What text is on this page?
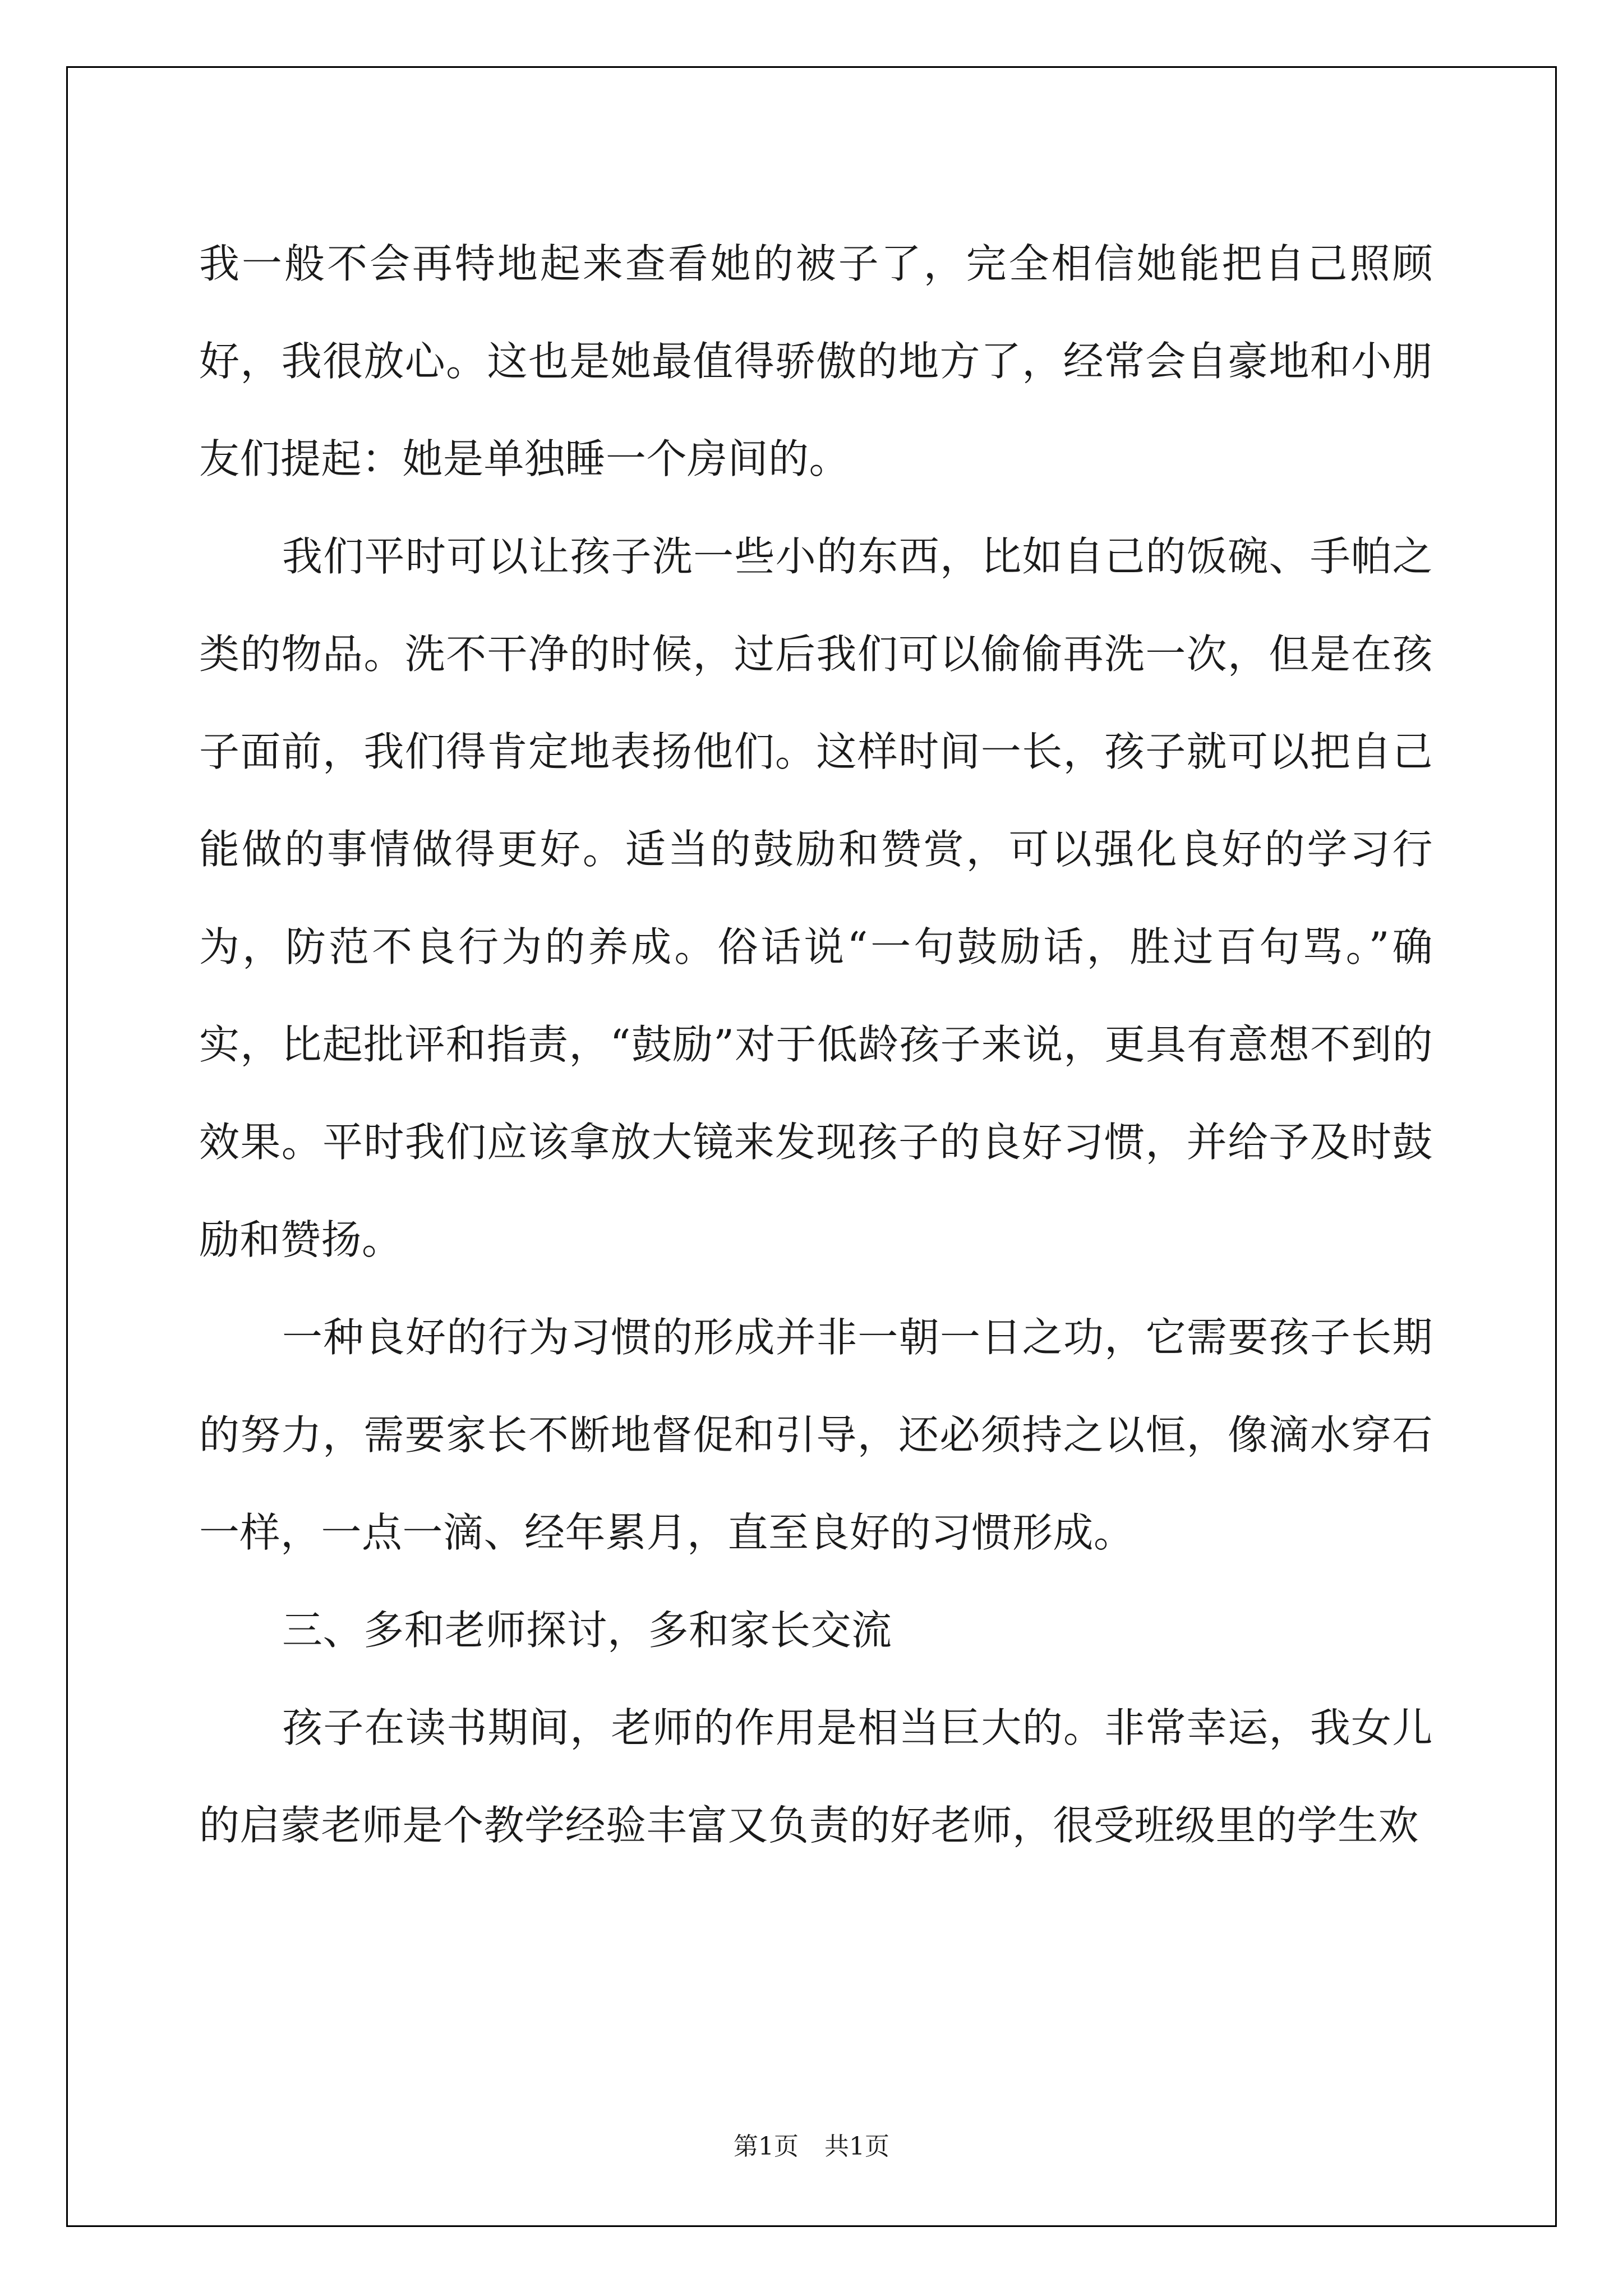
我一般不会再特地起来查看她的被子了，完全相信她能把自己照顾好，我很放心。这也是她最值得骄傲的地方了，经常会自豪地和小朋友们提起：她是单独睡一个房间的。

我们平时可以让孩子洗一些小的东西，比如自己的饭碗、手帕之类的物品。洗不干净的时候，过后我们可以偷偷再洗一次，但是在孩子面前，我们得肯定地表扬他们。这样时间一长，孩子就可以把自己能做的事情做得更好。适当的鼓励和赞赏，可以强化良好的学习行为，防范不良行为的养成。俗话说“一句鼓励话，胜过百句骂。”确实，比起批评和指责，“鼓励”对于低龄孩子来说，更具有意想不到的效果。平时我们应该拿放大镜来发现孩子的良好习惯，并给予及时鼓励和赞扬。

一种良好的行为习惯的形成并非一朝一日之功，它需要孩子长期的努力，需要家长不断地督促和引导，还必须持之以恒，像滴水穿石一样，一点一滴、经年累月，直至良好的习惯形成。

三、多和老师探讨，多和家长交流

孩子在读书期间，老师的作用是相当巨大的。非常幸运，我女儿的启蒙老师是个教学经验丰富又负责的好老师，很受班级里的学生欢

第1页 共1页
